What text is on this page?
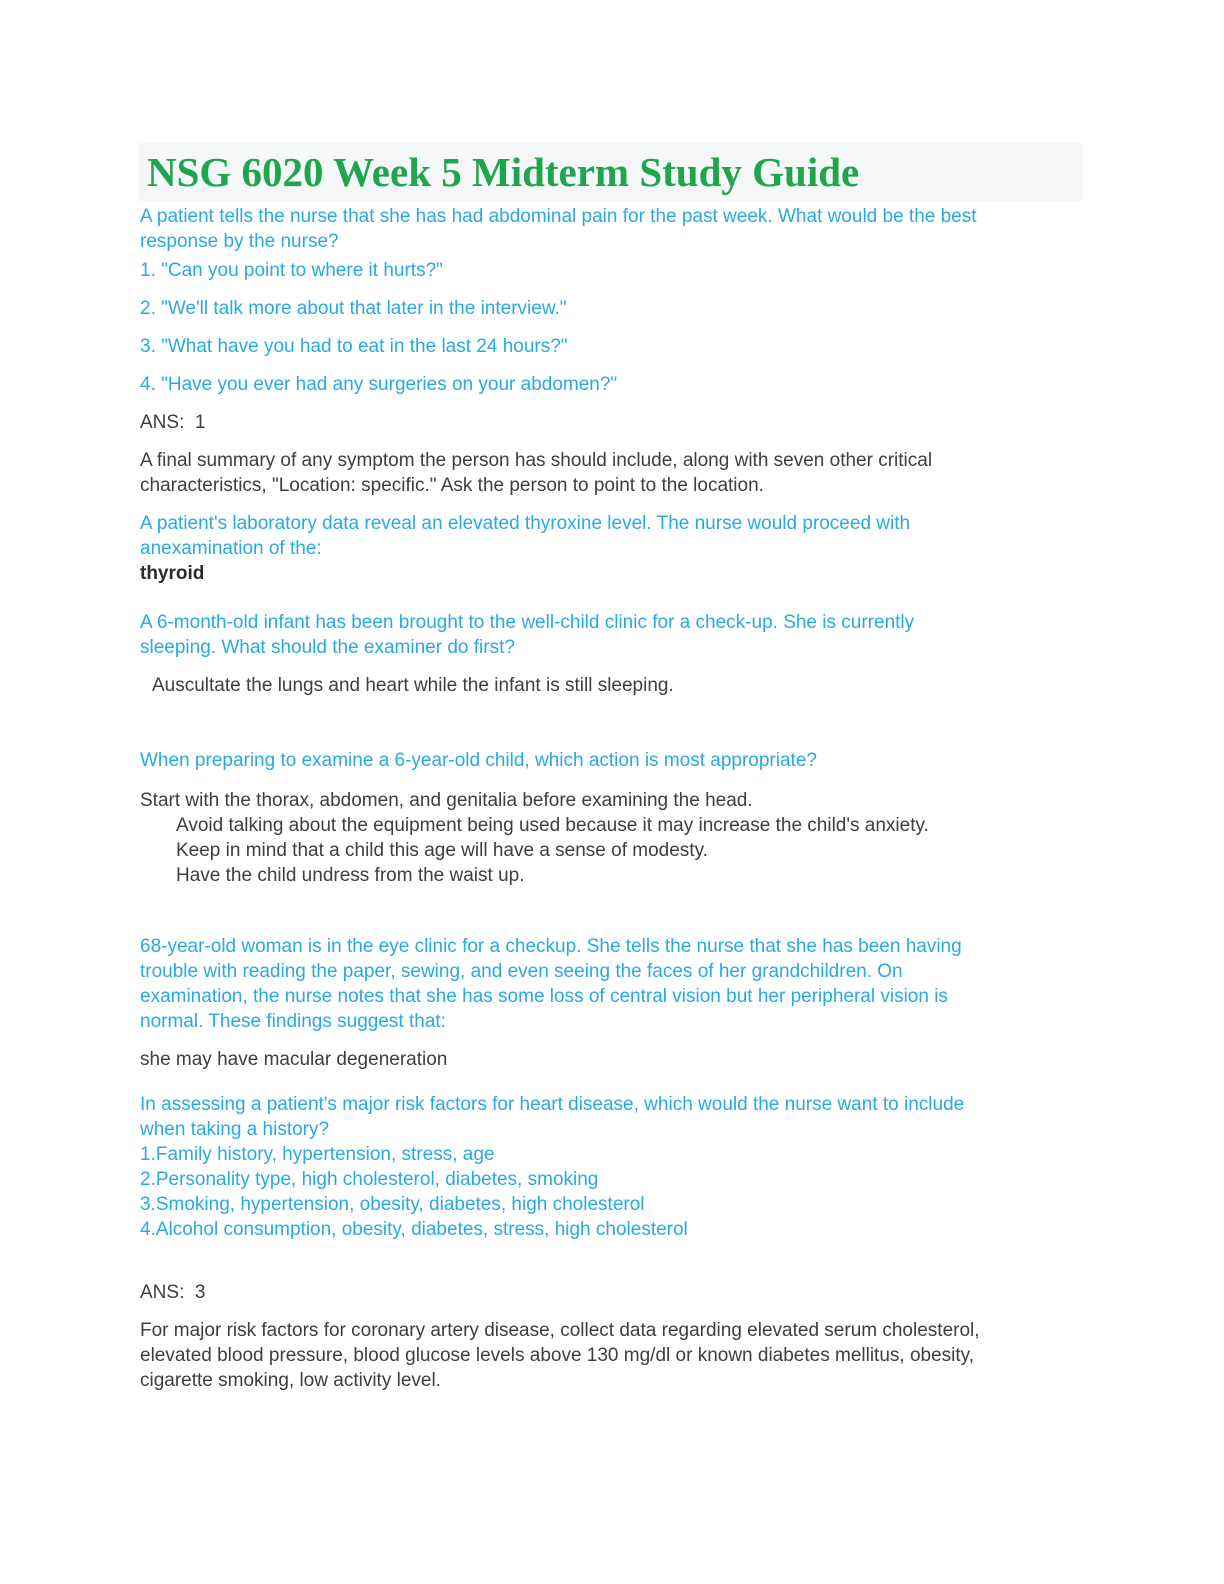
NSG 6020 Week 5 Midterm Study Guide
A patient tells the nurse that she has had abdominal pain for the past week. What would be the best
response by the nurse?
1. "Can you point to where it hurts?"
2. "We'll talk more about that later in the interview."
3. "What have you had to eat in the last 24 hours?"
4. "Have you ever had any surgeries on your abdomen?"
ANS:  1
A final summary of any symptom the person has should include, along with seven other critical
characteristics, "Location: specific." Ask the person to point to the location.
A patient's laboratory data reveal an elevated thyroxine level. The nurse would proceed with
anexamination of the:
thyroid
A 6-month-old infant has been brought to the well-child clinic for a check-up. She is currently
sleeping. What should the examiner do first?
Auscultate the lungs and heart while the infant is still sleeping.
When preparing to examine a 6-year-old child, which action is most appropriate?
Start with the thorax, abdomen, and genitalia before examining the head.
Avoid talking about the equipment being used because it may increase the child's anxiety.
Keep in mind that a child this age will have a sense of modesty.
Have the child undress from the waist up.
68-year-old woman is in the eye clinic for a checkup. She tells the nurse that she has been having
trouble with reading the paper, sewing, and even seeing the faces of her grandchildren. On
examination, the nurse notes that she has some loss of central vision but her peripheral vision is
normal. These findings suggest that:
she may have macular degeneration
In assessing a patient's major risk factors for heart disease, which would the nurse want to include
when taking a history?
1.Family history, hypertension, stress, age
2.Personality type, high cholesterol, diabetes, smoking
3.Smoking, hypertension, obesity, diabetes, high cholesterol
4.Alcohol consumption, obesity, diabetes, stress, high cholesterol
ANS:  3
For major risk factors for coronary artery disease, collect data regarding elevated serum cholesterol,
elevated blood pressure, blood glucose levels above 130 mg/dl or known diabetes mellitus, obesity,
cigarette smoking, low activity level.
